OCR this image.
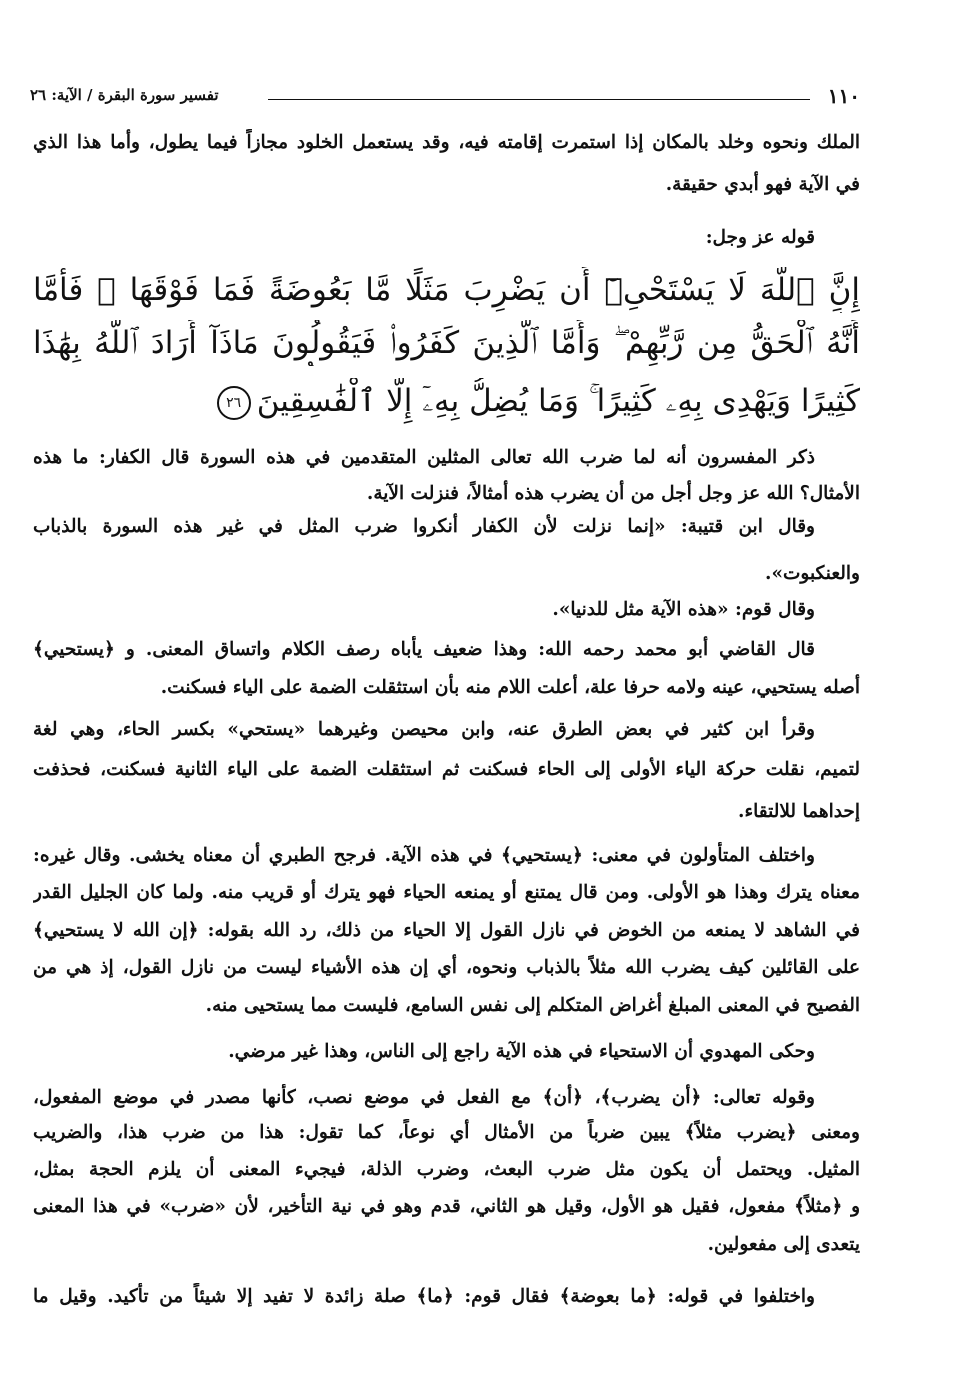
١١٠
تفسير سورة البقرة / الآية: ٢٦
الملك ونحوه وخلد بالمكان إذا استمرت إقامته فيه، وقد يستعمل الخلود مجازاً فيما يطول، وأما هذا الذي
في الآية فهو أبدي حقيقة.
قوله عز وجل:
إِنَّ ٱللَّهَ لَا يَسْتَحْىِۦٓ أَن يَضْرِبَ مَثَلًا مَّا بَعُوضَةً فَمَا فَوْقَهَا ۚ فَأَمَّا
أَنَّهُ ٱلْحَقُّ مِن رَّبِّهِمْ ۖ وَأَمَّا ٱلَّذِينَ كَفَرُوا۟ فَيَقُولُونَ مَاذَآ أَرَادَ ٱللَّهُ بِهَٰذَا
كَثِيرًا وَيَهْدِى بِهِۦ كَثِيرًا ۚ وَمَا يُضِلُّ بِهِۦٓ إِلَّا ٱلْفَٰسِقِينَ٢٦
ذكر المفسرون أنه لما ضرب الله تعالى المثلين المتقدمين في هذه السورة قال الكفار: ما هذه
الأمثال؟ الله عز وجل أجل من أن يضرب هذه أمثالاً، فنزلت الآية.
وقال ابن قتيبة: «إنما نزلت لأن الكفار أنكروا ضرب المثل في غير هذه السورة بالذباب
والعنكبوت».
وقال قوم: «هذه الآية مثل للدنيا».
قال القاضي أبو محمد رحمه الله: وهذا ضعيف يأباه رصف الكلام واتساق المعنى. و ﴿يستحيي﴾
أصله يستحيي، عينه ولامه حرفا علة، أعلت اللام منه بأن استثقلت الضمة على الياء فسكنت.
وقرأ ابن كثير في بعض الطرق عنه، وابن محيصن وغيرهما «يستحي» بكسر الحاء، وهي لغة
لتميم، نقلت حركة الياء الأولى إلى الحاء فسكنت ثم استثقلت الضمة على الياء الثانية فسكنت، فحذفت
إحداهما للالتقاء.
واختلف المتأولون في معنى: ﴿يستحيي﴾ في هذه الآية. فرجح الطبري أن معناه يخشى. وقال غيره:
معناه يترك وهذا هو الأولى. ومن قال يمتنع أو يمنعه الحياء فهو يترك أو قريب منه. ولما كان الجليل القدر
في الشاهد لا يمنعه من الخوض في نازل القول إلا الحياء من ذلك، رد الله بقوله: ﴿إن الله لا يستحيي﴾
على القائلين كيف يضرب الله مثلاً بالذباب ونحوه، أي إن هذه الأشياء ليست من نازل القول، إذ هي من
الفصيح في المعنى المبلغ أغراض المتكلم إلى نفس السامع، فليست مما يستحيى منه.
وحكى المهدوي أن الاستحياء في هذه الآية راجع إلى الناس، وهذا غير مرضي.
وقوله تعالى: ﴿أن يضرب﴾، ﴿أن﴾ مع الفعل في موضع نصب، كأنها مصدر في موضع المفعول،
ومعنى ﴿يضرب مثلاً﴾ يبين ضرباً من الأمثال أي نوعاً، كما تقول: هذا من ضرب هذا، والضريب
المثيل. ويحتمل أن يكون مثل ضرب البعث، وضرب الذلة، فيجيء المعنى أن يلزم الحجة بمثل،
و ﴿مثلاً﴾ مفعول، فقيل هو الأول، وقيل هو الثاني، قدم وهو في نية التأخير، لأن «ضرب» في هذا المعنى
يتعدى إلى مفعولين.
واختلفوا في قوله: ﴿ما بعوضة﴾ فقال قوم: ﴿ما﴾ صلة زائدة لا تفيد إلا شيئاً من تأكيد. وقيل ما
